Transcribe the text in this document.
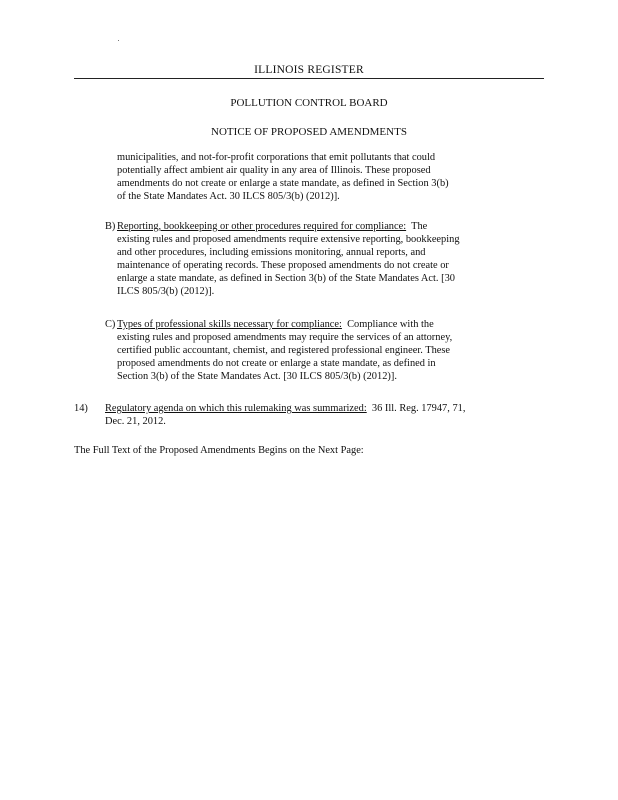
ILLINOIS REGISTER
POLLUTION CONTROL BOARD
NOTICE OF PROPOSED AMENDMENTS
municipalities, and not-for-profit corporations that emit pollutants that could
potentially affect ambient air quality in any area of Illinois. These proposed
amendments do not create or enlarge a state mandate, as defined in Section 3(b)
of the State Mandates Act. 30 ILCS 805/3(b) (2012)].
B) Reporting, bookkeeping or other procedures required for compliance:  The
existing rules and proposed amendments require extensive reporting, bookkeeping
and other procedures, including emissions monitoring, annual reports, and
maintenance of operating records. These proposed amendments do not create or
enlarge a state mandate, as defined in Section 3(b) of the State Mandates Act. [30
ILCS 805/3(b) (2012)].
C) Types of professional skills necessary for compliance:  Compliance with the
existing rules and proposed amendments may require the services of an attorney,
certified public accountant, chemist, and registered professional engineer. These
proposed amendments do not create or enlarge a state mandate, as defined in
Section 3(b) of the State Mandates Act. [30 ILCS 805/3(b) (2012)].
14) Regulatory agenda on which this rulemaking was summarized:  36 Ill. Reg. 17947, 71,
Dec. 21, 2012.
The Full Text of the Proposed Amendments Begins on the Next Page:
